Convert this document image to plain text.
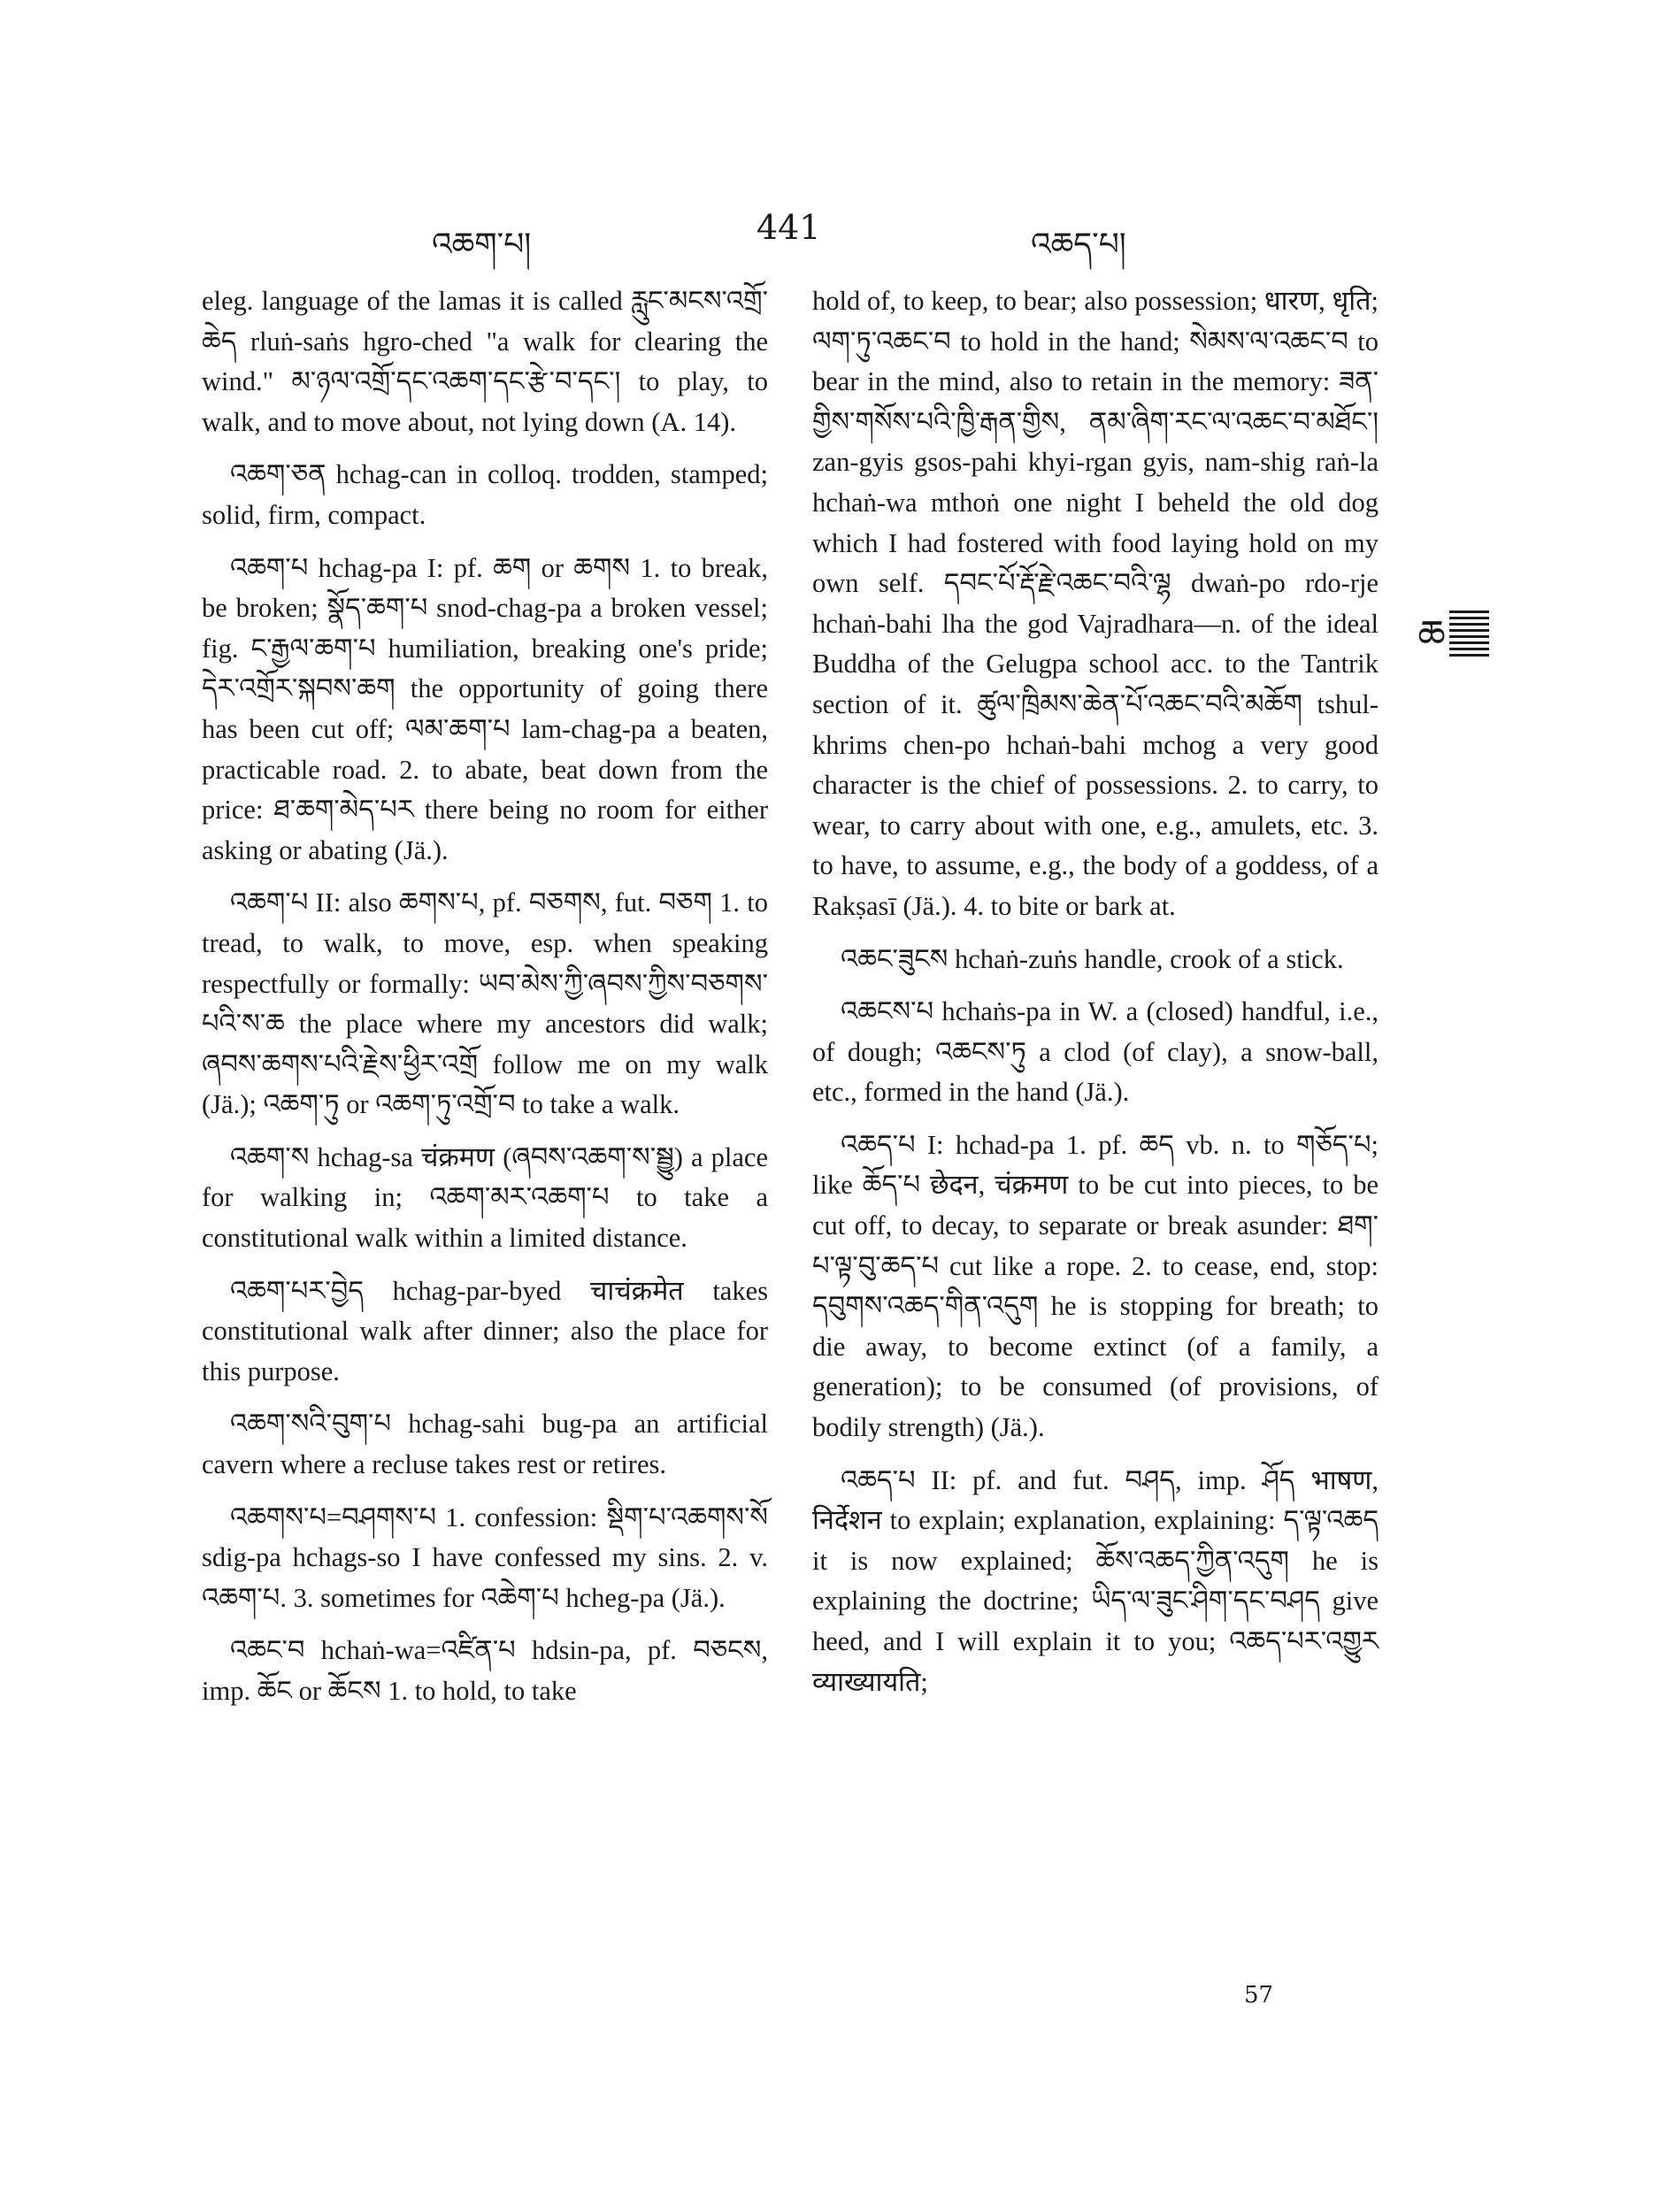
འཆག་པ།	441	འཆད་པ།

eleg. language of the lamas it is called རླུང་མངས་འགྲོ་ཆེད rluṅ-saṅs hgro-ched "a walk for clearing the wind." མ་ཉལ་འགྲོ་དང་འཆག་དང་རྩེ་བ་དང་། to play, to walk, and to move about, not lying down (A. 14).

འཆག་ཅན hchag-can in colloq. trodden, stamped; solid, firm, compact.

འཆག་པ hchag-pa I: pf. ཆག or ཆགས 1. to break, be broken; སྣོད་ཆག་པ snod-chag-pa a broken vessel; fig. ང་རྒྱལ་ཆག་པ humiliation, breaking one's pride; དེར་འགྲོར་སྐབས་ཆག the opportunity of going there has been cut off; ལམ་ཆག་པ lam-chag-pa a beaten, practicable road. 2. to abate, beat down from the price: ཐ་ཆག་མེད་པར there being no room for either asking or abating (Jä.).

འཆག་པ II: also ཆགས་པ, pf. བཅགས, fut. བཅག 1. to tread, to walk, to move, esp. when speaking respectfully or formally: ཡབ་མེས་ཀྱི་ཞབས་ཀྱིས་བཅགས་པའི་ས་ཆ the place where my ancestors did walk; ཞབས་ཆགས་པའི་རྗེས་ཕྱིར་འགྲོ follow me on my walk (Jä.); འཆག་ཏུ or འཆག་ཏུ་འགྲོ་བ to take a walk.

འཆག་ས hchag-sa चंक्रमण (ཞབས་འཆག་ས་སྦྱུ) a place for walking in; འཆག་མར་འཆག་པ to take a constitutional walk within a limited distance.

འཆག་པར་བྱེད hchag-par-byed चाचंक्रमेत takes constitutional walk after dinner; also the place for this purpose.

འཆག་སའི་བུག་པ hchag-sahi bug-pa an artificial cavern where a recluse takes rest or retires.

འཆགས་པ=བཤགས་པ 1. confession: སྡིག་པ་འཆགས་སོ sdig-pa hchags-so I have confessed my sins. 2. v. འཆག་པ. 3. sometimes for འཆེག་པ hcheg-pa (Jä.).

འཆང་བ hchaṅ-wa=འཛིན་པ hdsin-pa, pf. བཅངས, imp. ཆོང or ཆོངས 1. to hold, to take

hold of, to keep, to bear; also possession; धारण, धृति; ལག་ཏུ་འཆང་བ to hold in the hand; སེམས་ལ་འཆང་བ to bear in the mind, also to retain in the memory: ཟན་གྱིས་གསོས་པའི་ཁྱི་རྒན་གྱིས, ནམ་ཞིག་རང་ལ་འཆང་བ་མཐོང་། zan-gyis gsos-pahi khyi-rgan gyis, nam-shig raṅ-la hchaṅ-wa mthoṅ one night I beheld the old dog which I had fostered with food laying hold on my own self. དབང་པོ་རྡོ་རྗེ་འཆང་བའི་ལྷ dwaṅ-po rdo-rje hchaṅ-bahi lha the god Vajradhara—n. of the ideal Buddha of the Gelugpa school acc. to the Tantrik section of it. ཚུལ་ཁྲིམས་ཆེན་པོ་འཆང་བའི་མཆོག tshul-khrims chen-po hchaṅ-bahi mchog a very good character is the chief of possessions. 2. to carry, to wear, to carry about with one, e.g., amulets, etc. 3. to have, to assume, e.g., the body of a goddess, of a Rakṣasī (Jä.). 4. to bite or bark at.

འཆང་ཟུངས hchaṅ-zuṅs handle, crook of a stick.

འཆངས་པ hchaṅs-pa in W. a (closed) handful, i.e., of dough; འཆངས་ཏུ a clod (of clay), a snow-ball, etc., formed in the hand (Jä.).

འཆད་པ I: hchad-pa 1. pf. ཆད vb. n. to གཅོད་པ; like ཆོད་པ छेदन, चंक्रमण to be cut into pieces, to be cut off, to decay, to separate or break asunder: ཐག་པ་ལྟ་བུ་ཆད་པ cut like a rope. 2. to cease, end, stop: དབུགས་འཆད་གིན་འདུག he is stopping for breath; to die away, to become extinct (of a family, a generation); to be consumed (of provisions, of bodily strength) (Jä.).

འཆད་པ II: pf. and fut. བཤད, imp. ཤོད भाषण, निर्देशन to explain; explanation, explaining: ད་ལྟ་འཆད it is now explained; ཆོས་འཆད་ཀྱིན་འདུག he is explaining the doctrine; ཡིད་ལ་ཟུང་ཤིག་དང་བཤད give heed, and I will explain it to you; འཆད་པར་འགྱུར व्याख्यायति;

ཆ
57
